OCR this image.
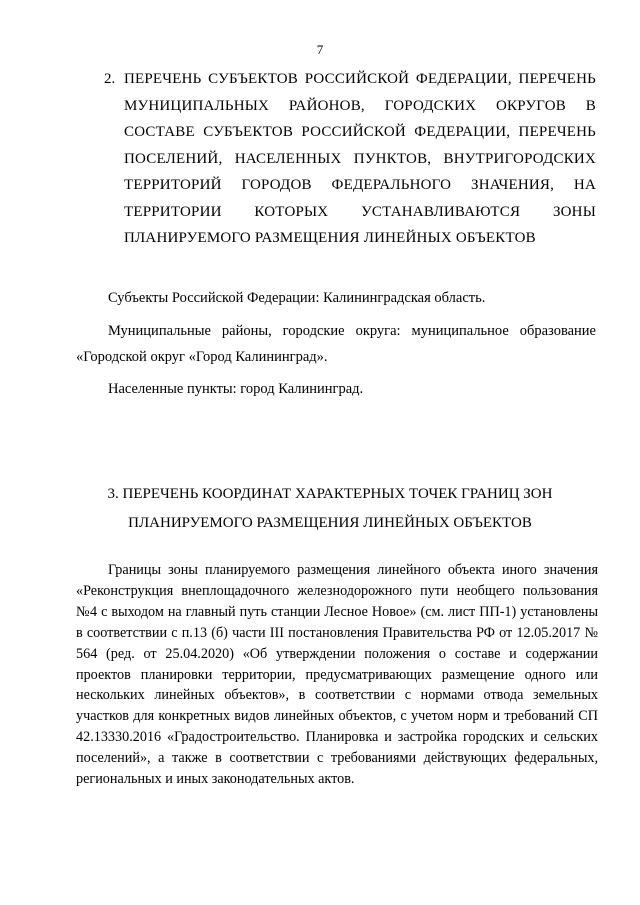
7
2. ПЕРЕЧЕНЬ СУБЪЕКТОВ РОССИЙСКОЙ ФЕДЕРАЦИИ, ПЕРЕЧЕНЬ МУНИЦИПАЛЬНЫХ РАЙОНОВ, ГОРОДСКИХ ОКРУГОВ В СОСТАВЕ СУБЪЕКТОВ РОССИЙСКОЙ ФЕДЕРАЦИИ, ПЕРЕЧЕНЬ ПОСЕЛЕНИЙ, НАСЕЛЕННЫХ ПУНКТОВ, ВНУТРИГОРОДСКИХ ТЕРРИТОРИЙ ГОРОДОВ ФЕДЕРАЛЬНОГО ЗНАЧЕНИЯ, НА ТЕРРИТОРИИ КОТОРЫХ УСТАНАВЛИВАЮТСЯ ЗОНЫ ПЛАНИРУЕМОГО РАЗМЕЩЕНИЯ ЛИНЕЙНЫХ ОБЪЕКТОВ
Субъекты Российской Федерации: Калининградская область.
Муниципальные районы, городские округа: муниципальное образование «Городской округ «Город Калининград».
Населенные пункты: город Калининград.
3. ПЕРЕЧЕНЬ КООРДИНАТ ХАРАКТЕРНЫХ ТОЧЕК ГРАНИЦ ЗОН ПЛАНИРУЕМОГО РАЗМЕЩЕНИЯ ЛИНЕЙНЫХ ОБЪЕКТОВ
Границы зоны планируемого размещения линейного объекта иного значения «Реконструкция внеплощадочного железнодорожного пути необщего пользования №4 с выходом на главный путь станции Лесное Новое» (см. лист ПП-1) установлены в соответствии с п.13 (б) части III постановления Правительства РФ от 12.05.2017 № 564 (ред. от 25.04.2020) «Об утверждении положения о составе и содержании проектов планировки территории, предусматривающих размещение одного или нескольких линейных объектов», в соответствии с нормами отвода земельных участков для конкретных видов линейных объектов, с учетом норм и требований СП 42.13330.2016 «Градостроительство. Планировка и застройка городских и сельских поселений», а также в соответствии с требованиями действующих федеральных, региональных и иных законодательных актов.
